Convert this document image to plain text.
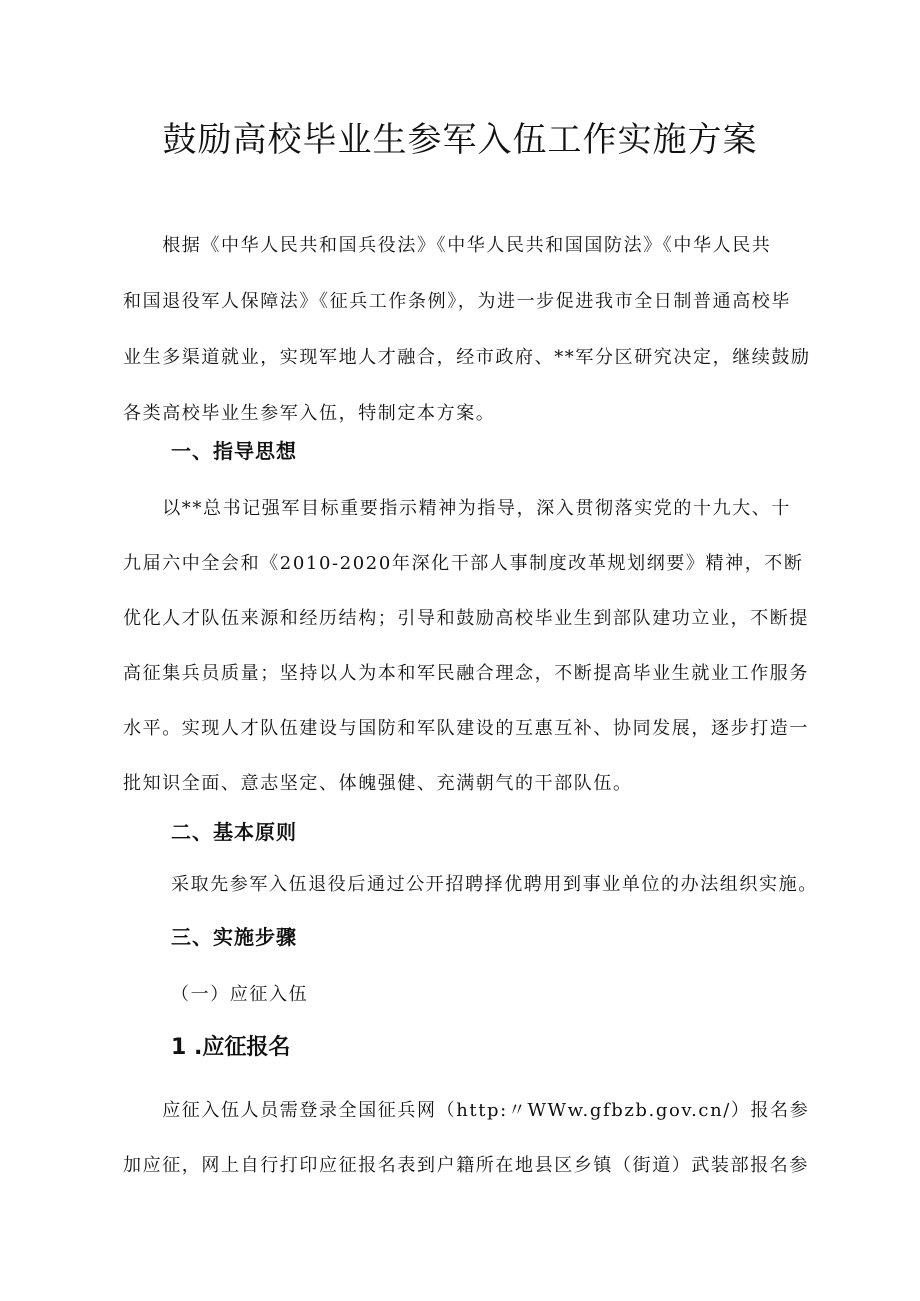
鼓励高校毕业生参军入伍工作实施方案
　　根据《中华人民共和国兵役法》《中华人民共和国国防法》《中华人民共
和国退役军人保障法》《征兵工作条例》，为进一步促进我市全日制普通高校毕
业生多渠道就业，实现军地人才融合，经市政府、**军分区研究决定，继续鼓励
各类高校毕业生参军入伍，特制定本方案。
一、指导思想
　　以**总书记强军目标重要指示精神为指导，深入贯彻落实党的十九大、十
九届六中全会和《2010-2020年深化干部人事制度改革规划纲要》精神，不断
优化人才队伍来源和经历结构；引导和鼓励高校毕业生到部队建功立业，不断提
高征集兵员质量；坚持以人为本和军民融合理念，不断提高毕业生就业工作服务
水平。实现人才队伍建设与国防和军队建设的互惠互补、协同发展，逐步打造一
批知识全面、意志坚定、体魄强健、充满朝气的干部队伍。
二、基本原则

采取先参军入伍退役后通过公开招聘择优聘用到事业单位的办法组织实施。

三、实施步骤

（一）应征入伍

1 .应征报名
　　应征入伍人员需登录全国征兵网（http:〃WWw.gfbzb.gov.cn∕）报名参
加应征，网上自行打印应征报名表到户籍所在地县区乡镇（街道）武装部报名参
